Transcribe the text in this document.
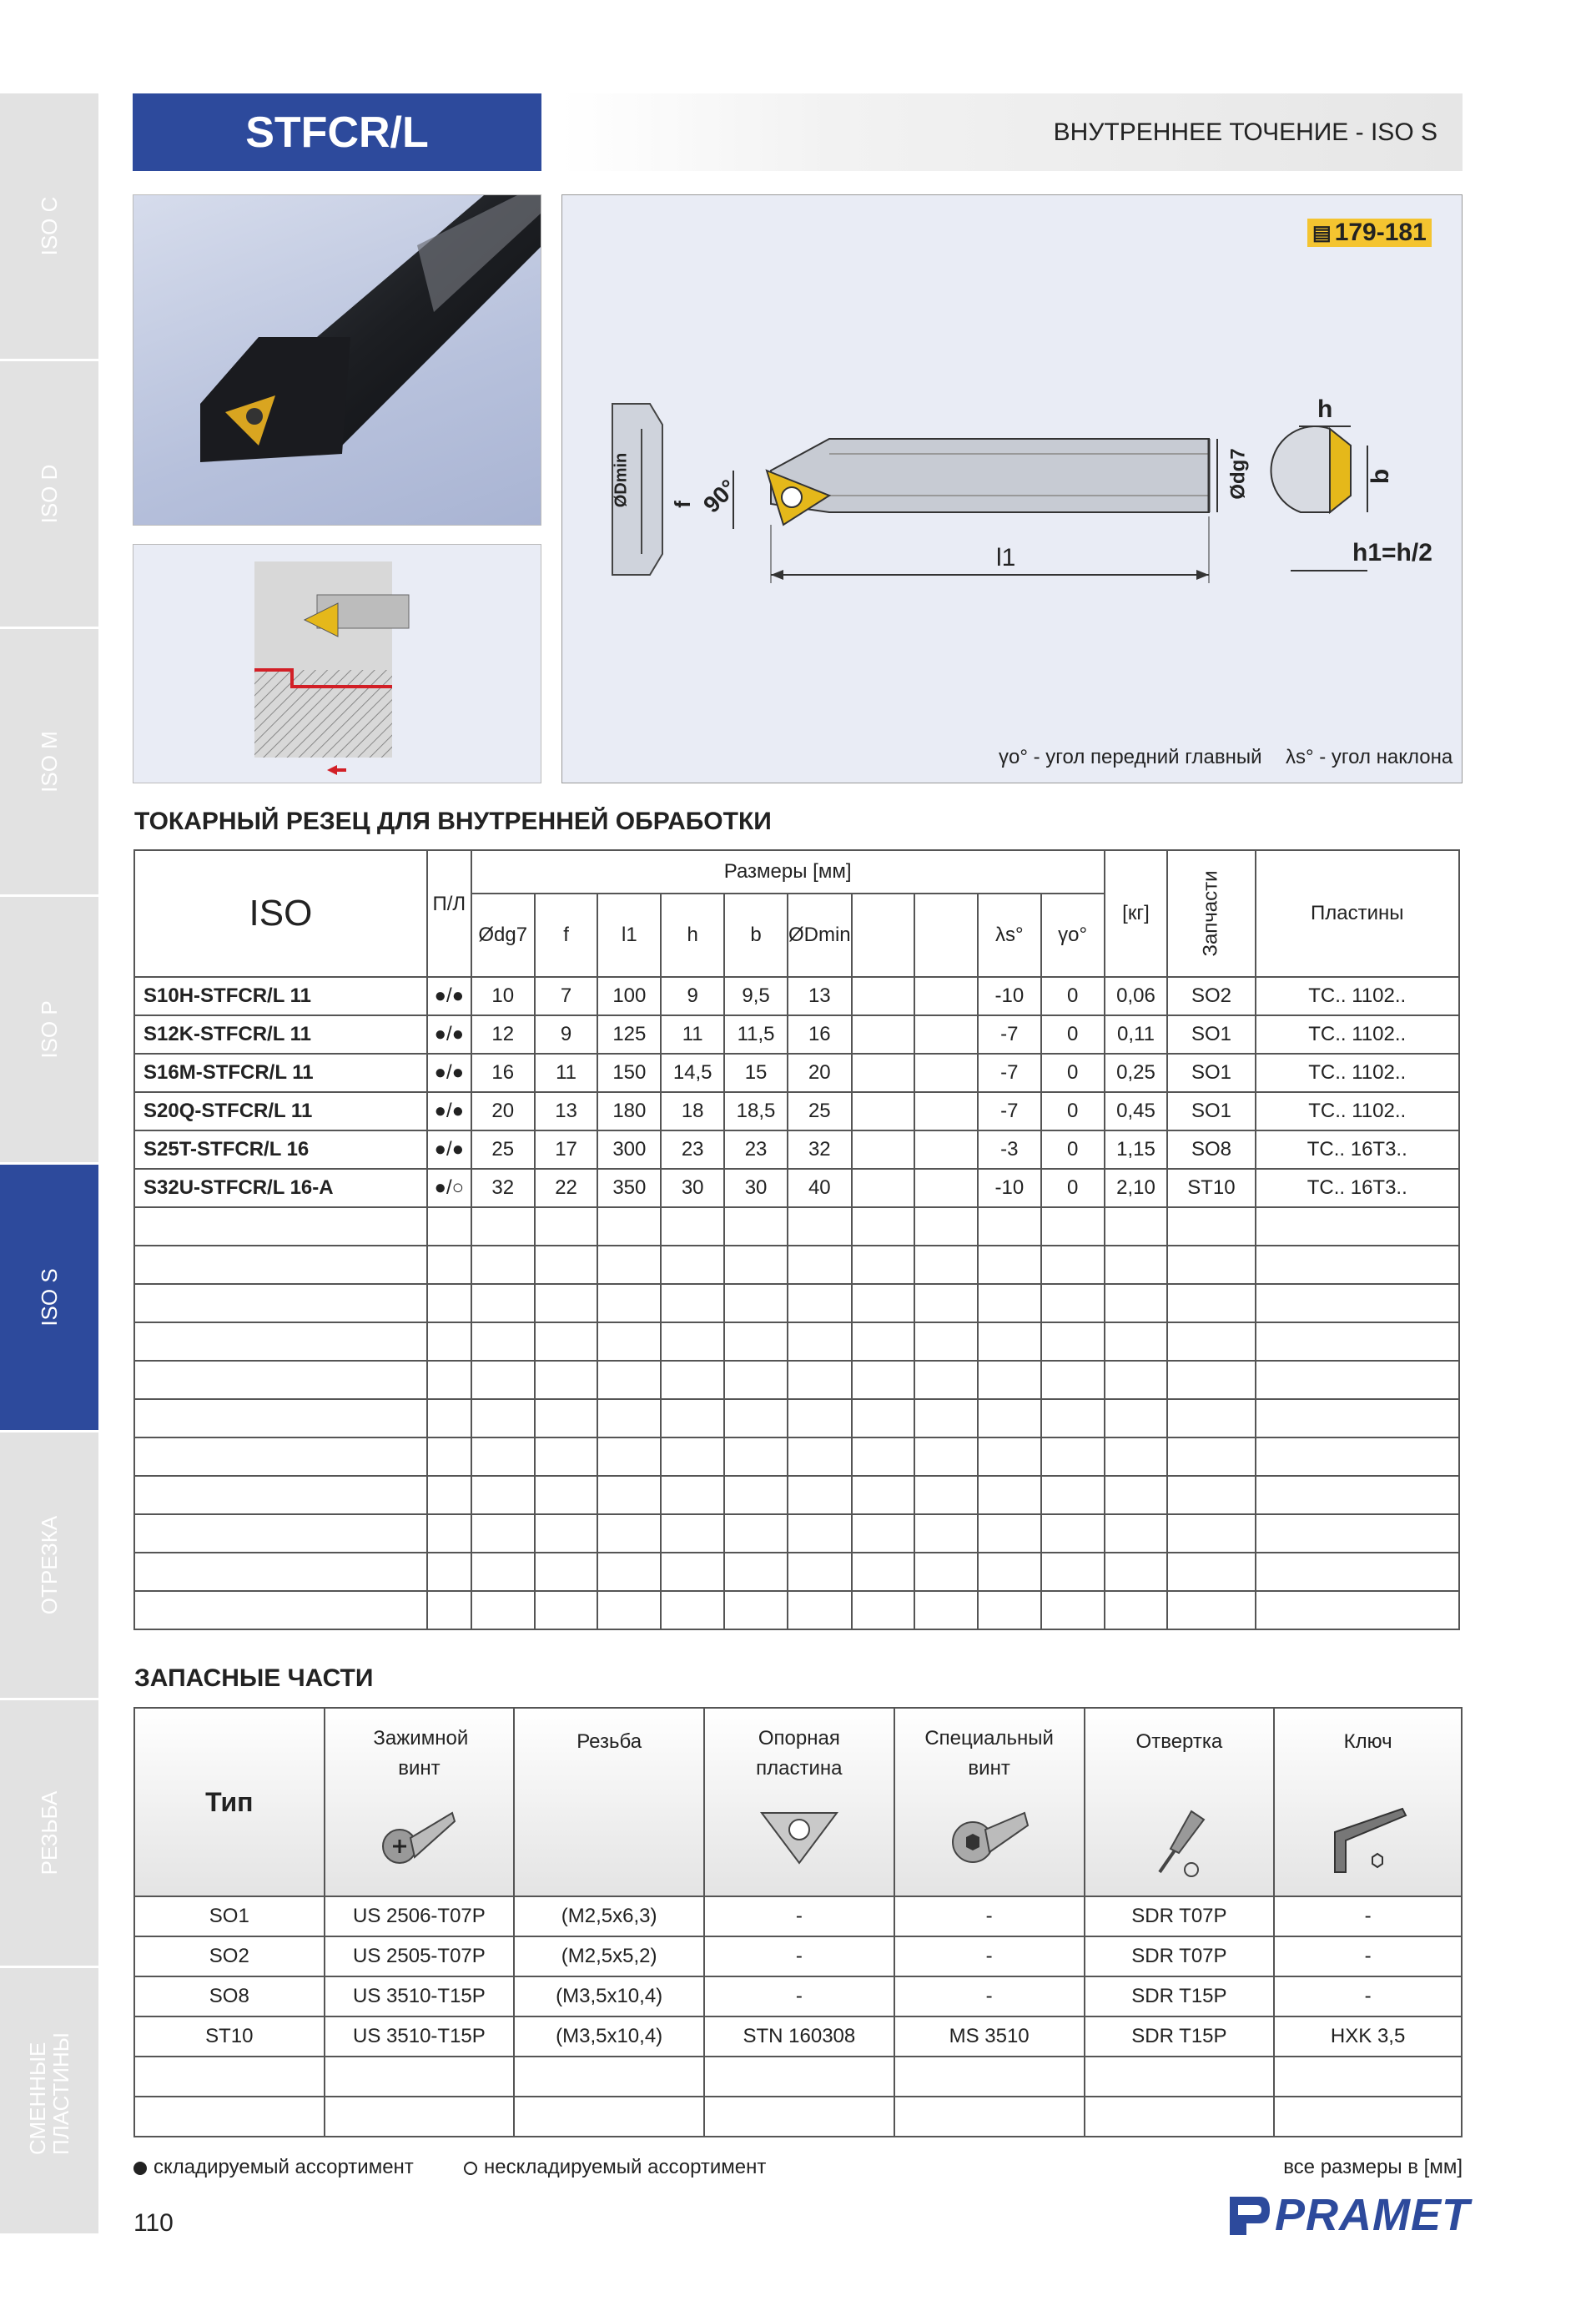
ISO C
ISO D
ISO M
ISO P
ISO S
ОТРЕЗКА
РЕЗЬБА
СМЕННЫЕ ПЛАСТИНЫ
STFCR/L	ВНУТРЕННЕЕ ТОЧЕНИЕ - ISO S
▤ 179-181
ØDmin f 90°
l1
Ødg7
h
b
h1=h/2
γo° - угол передний главный λs° - угол наклона
ТОКАРНЫЙ РЕЗЕЦ ДЛЯ ВНУТРЕННЕЙ ОБРАБОТКИ
ISO	П/Л	Размеры [мм]										[кг]	Запчасти	Пластины
		Ødg7	f	l1	h	b	ØDmin			λs°	γo°			
S10H-STFCR/L 11	●/●	10	7	100	9	9,5	13			-10	0	0,06	SO2	TC.. 1102..
S12K-STFCR/L 11	●/●	12	9	125	11	11,5	16			-7	0	0,11	SO1	TC.. 1102..
S16M-STFCR/L 11	●/●	16	11	150	14,5	15	20			-7	0	0,25	SO1	TC.. 1102..
S20Q-STFCR/L 11	●/●	20	13	180	18	18,5	25			-7	0	0,45	SO1	TC.. 1102..
S25T-STFCR/L 16	●/●	25	17	300	23	23	32			-3	0	1,15	SO8	TC.. 16T3..
S32U-STFCR/L 16-A	●/○	32	22	350	30	30	40			-10	0	2,10	ST10	TC.. 16T3..

ЗАПАСНЫЕ ЧАСТИ
Тип	Зажимной винт	Резьба	Опорная пластина	Специальный винт	Отвертка	Ключ

SO1	US 2506-T07P	(M2,5x6,3)	-	-	SDR T07P	-
SO2	US 2505-T07P	(M2,5x5,2)	-	-	SDR T07P	-
SO8	US 3510-T15P	(M3,5x10,4)	-	-	SDR T15P	-
ST10	US 3510-T15P	(M3,5x10,4)	STN 160308	MS 3510	SDR T15P	HXK 3,5

складируемый ассортимент	нескладируемый ассортимент	все размеры в [мм]
110	PRAMET
